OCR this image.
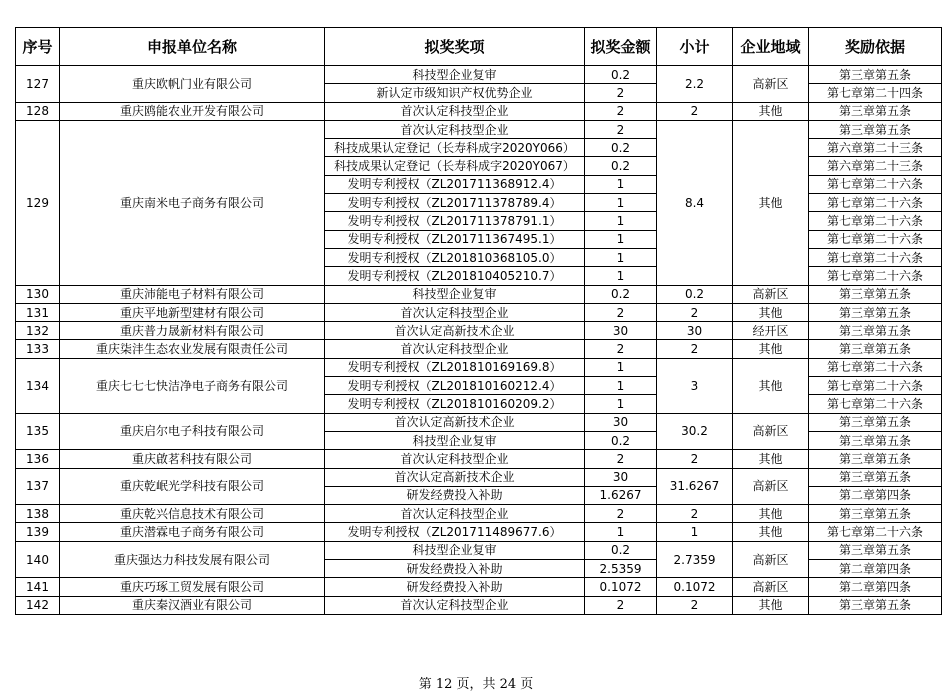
序号	申报单位名称	拟奖奖项	拟奖金额	小计	企业地域	奖励依据
127	重庆欧帆门业有限公司	科技型企业复审	0.2	2.2	高新区	第三章第五条
		新认定市级知识产权优势企业	2			第七章第二十四条
128	重庆鸥能农业开发有限公司	首次认定科技型企业	2	2	其他	第三章第五条
129	重庆南米电子商务有限公司	首次认定科技型企业	2	8.4	其他	第三章第五条
		科技成果认定登记（长寿科成字2020Y066）	0.2			第六章第二十三条
		科技成果认定登记（长寿科成字2020Y067）	0.2			第六章第二十三条
		发明专利授权（ZL201711368912.4）	1			第七章第二十六条
		发明专利授权（ZL201711378789.4）	1			第七章第二十六条
		发明专利授权（ZL201711378791.1）	1			第七章第二十六条
		发明专利授权（ZL201711367495.1）	1			第七章第二十六条
		发明专利授权（ZL201810368105.0）	1			第七章第二十六条
		发明专利授权（ZL201810405210.7）	1			第七章第二十六条
130	重庆沛能电子材料有限公司	科技型企业复审	0.2	0.2	高新区	第三章第五条
131	重庆平地新型建材有限公司	首次认定科技型企业	2	2	其他	第三章第五条
132	重庆普力晟新材料有限公司	首次认定高新技术企业	30	30	经开区	第三章第五条
133	重庆柒沣生态农业发展有限责任公司	首次认定科技型企业	2	2	其他	第三章第五条
134	重庆七七七快洁净电子商务有限公司	发明专利授权（ZL201810169169.8）	1	3	其他	第七章第二十六条
		发明专利授权（ZL201810160212.4）	1			第七章第二十六条
		发明专利授权（ZL201810160209.2）	1			第七章第二十六条
135	重庆启尔电子科技有限公司	首次认定高新技术企业	30	30.2	高新区	第三章第五条
		科技型企业复审	0.2			第三章第五条
136	重庆啟茗科技有限公司	首次认定科技型企业	2	2	其他	第三章第五条
137	重庆乾岷光学科技有限公司	首次认定高新技术企业	30	31.6267	高新区	第三章第五条
		研发经费投入补助	1.6267			第二章第四条
138	重庆乾兴信息技术有限公司	首次认定科技型企业	2	2	其他	第三章第五条
139	重庆潜霖电子商务有限公司	发明专利授权（ZL201711489677.6）	1	1	其他	第七章第二十六条
140	重庆强达力科技发展有限公司	科技型企业复审	0.2	2.7359	高新区	第三章第五条
		研发经费投入补助	2.5359			第二章第四条
141	重庆巧琢工贸发展有限公司	研发经费投入补助	0.1072	0.1072	高新区	第二章第四条
142	重庆秦汉酒业有限公司	首次认定科技型企业	2	2	其他	第三章第五条
第 12 页，共 24 页
